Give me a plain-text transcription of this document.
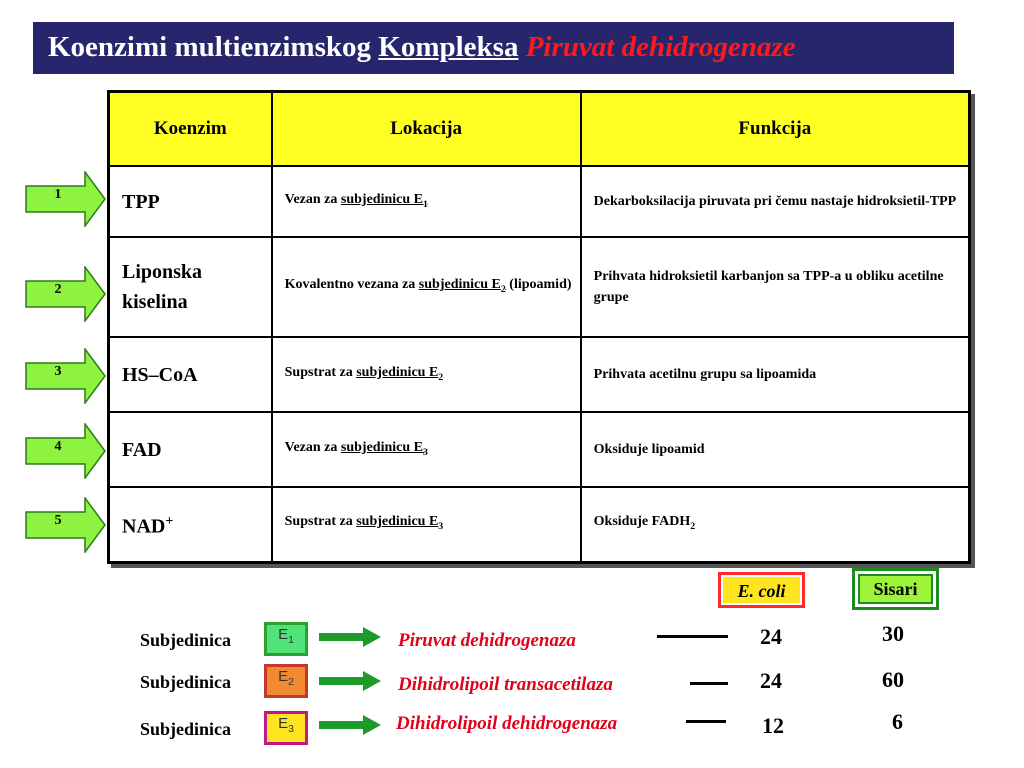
Koenzimi multienzimskog Kompleksa Piruvat dehidrogenaze
Koenzim	Lokacija	Funkcija
TPP	Vezan za subjedinicu $E_1$	Dekarboksilacija piruvata pri čemu nastaje hidroksietil-TPP
Liponska kiselina	Kovalentno vezana za subjedinicu $E_2$ (lipoamid)	Prihvata hidroksietil karbanjon sa TPP-a u obliku acetilne grupe
HS–CoA	Supstrat za subjedinicu $E_2$	Prihvata acetilnu grupu sa lipoamida
FAD	Vezan za subjedinicu $E_3$	Oksiduje lipoamid
NAD+	Supstrat za subjedinicu $E_3$	Oksiduje $FADH_2$
1
2
3
4
5
E. coli	Sisari
Subjedinica	$E_1$	Piruvat dehidrogenaza	24	30
Subjedinica	$E_2$	Dihidrolipoil transacetilaza	24	60
Subjedinica	$E_3$	Dihidrolipoil dehidrogenaza	12	6
